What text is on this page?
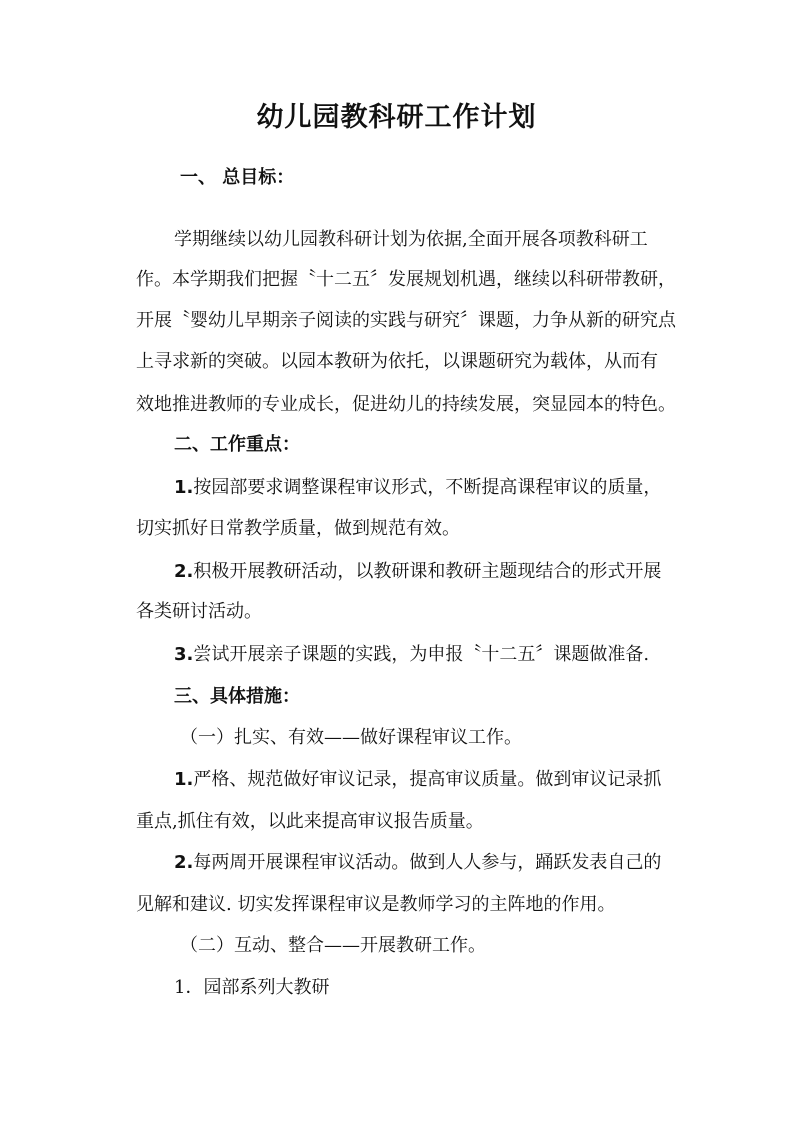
幼儿园教科研工作计划

一、 总目标：

学期继续以幼儿园教科研计划为依据,全面开展各项教科研工

作。本学期我们把握〝十二五〞发展规划机遇，继续以科研带教研，

开展〝婴幼儿早期亲子阅读的实践与研究〞课题，力争从新的研究点

上寻求新的突破。以园本教研为依托，以课题研究为载体，从而有

效地推进教师的专业成长，促进幼儿的持续发展，突显园本的特色。

二、工作重点：

1.按园部要求调整课程审议形式，不断提高课程审议的质量，

切实抓好日常教学质量，做到规范有效。

2.积极开展教研活动，以教研课和教研主题现结合的形式开展

各类研讨活动。

3.尝试开展亲子课题的实践，为申报〝十二五〞课题做准备.

三、具体措施：

（一）扎实、有效——做好课程审议工作。

1.严格、规范做好审议记录，提高审议质量。做到审议记录抓

重点,抓住有效，以此来提高审议报告质量。

2.每两周开展课程审议活动。做到人人参与，踊跃发表自己的

见解和建议. 切实发挥课程审议是教师学习的主阵地的作用。

（二）互动、整合——开展教研工作。

1．园部系列大教研
